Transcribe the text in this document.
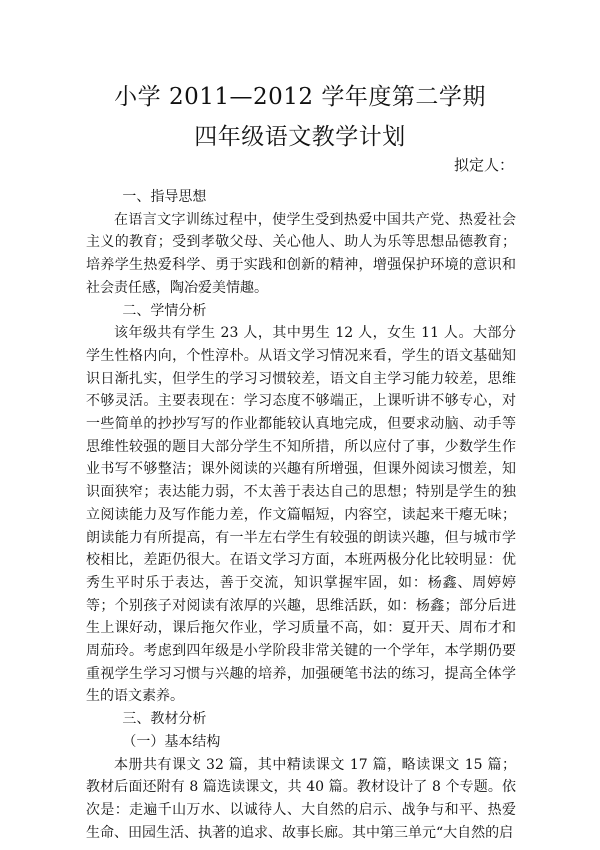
小学 2011—2012 学年度第二学期
四年级语文教学计划
拟定人：

一、指导思想

在语言文字训练过程中，使学生受到热爱中国共产党、热爱社会主义的教育；受到孝敬父母、关心他人、助人为乐等思想品德教育；培养学生热爱科学、勇于实践和创新的精神，增强保护环境的意识和社会责任感，陶冶爱美情趣。

二、学情分析

该年级共有学生 23 人，其中男生 12 人，女生 11 人。大部分学生性格内向，个性淳朴。从语文学习情况来看，学生的语文基础知识日渐扎实，但学生的学习习惯较差，语文自主学习能力较差，思维不够灵活。主要表现在：学习态度不够端正，上课听讲不够专心，对一些简单的抄抄写写的作业都能较认真地完成，但要求动脑、动手等思维性较强的题目大部分学生不知所措，所以应付了事，少数学生作业书写不够整洁；课外阅读的兴趣有所增强，但课外阅读习惯差，知识面狭窄；表达能力弱，不太善于表达自己的思想；特别是学生的独立阅读能力及写作能力差，作文篇幅短，内容空，读起来干瘪无味；朗读能力有所提高，有一半左右学生有较强的朗读兴趣，但与城市学校相比，差距仍很大。在语文学习方面，本班两极分化比较明显：优秀生平时乐于表达，善于交流，知识掌握牢固，如：杨鑫、周婷婷等；个别孩子对阅读有浓厚的兴趣，思维活跃，如：杨鑫；部分后进生上课好动，课后拖欠作业，学习质量不高，如：夏开天、周布才和周茄玲。考虑到四年级是小学阶段非常关键的一个学年，本学期仍要重视学生学习习惯与兴趣的培养，加强硬笔书法的练习，提高全体学生的语文素养。

三、教材分析

（一）基本结构

本册共有课文 32 篇，其中精读课文 17 篇，略读课文 15 篇；教材后面还附有 8 篇选读课文，共 40 篇。教材设计了 8 个专题。依次是：走遍千山万水、以诚待人、大自然的启示、战争与和平、热爱生命、田园生活、执著的追求、故事长廊。其中第三单元“大自然的启
